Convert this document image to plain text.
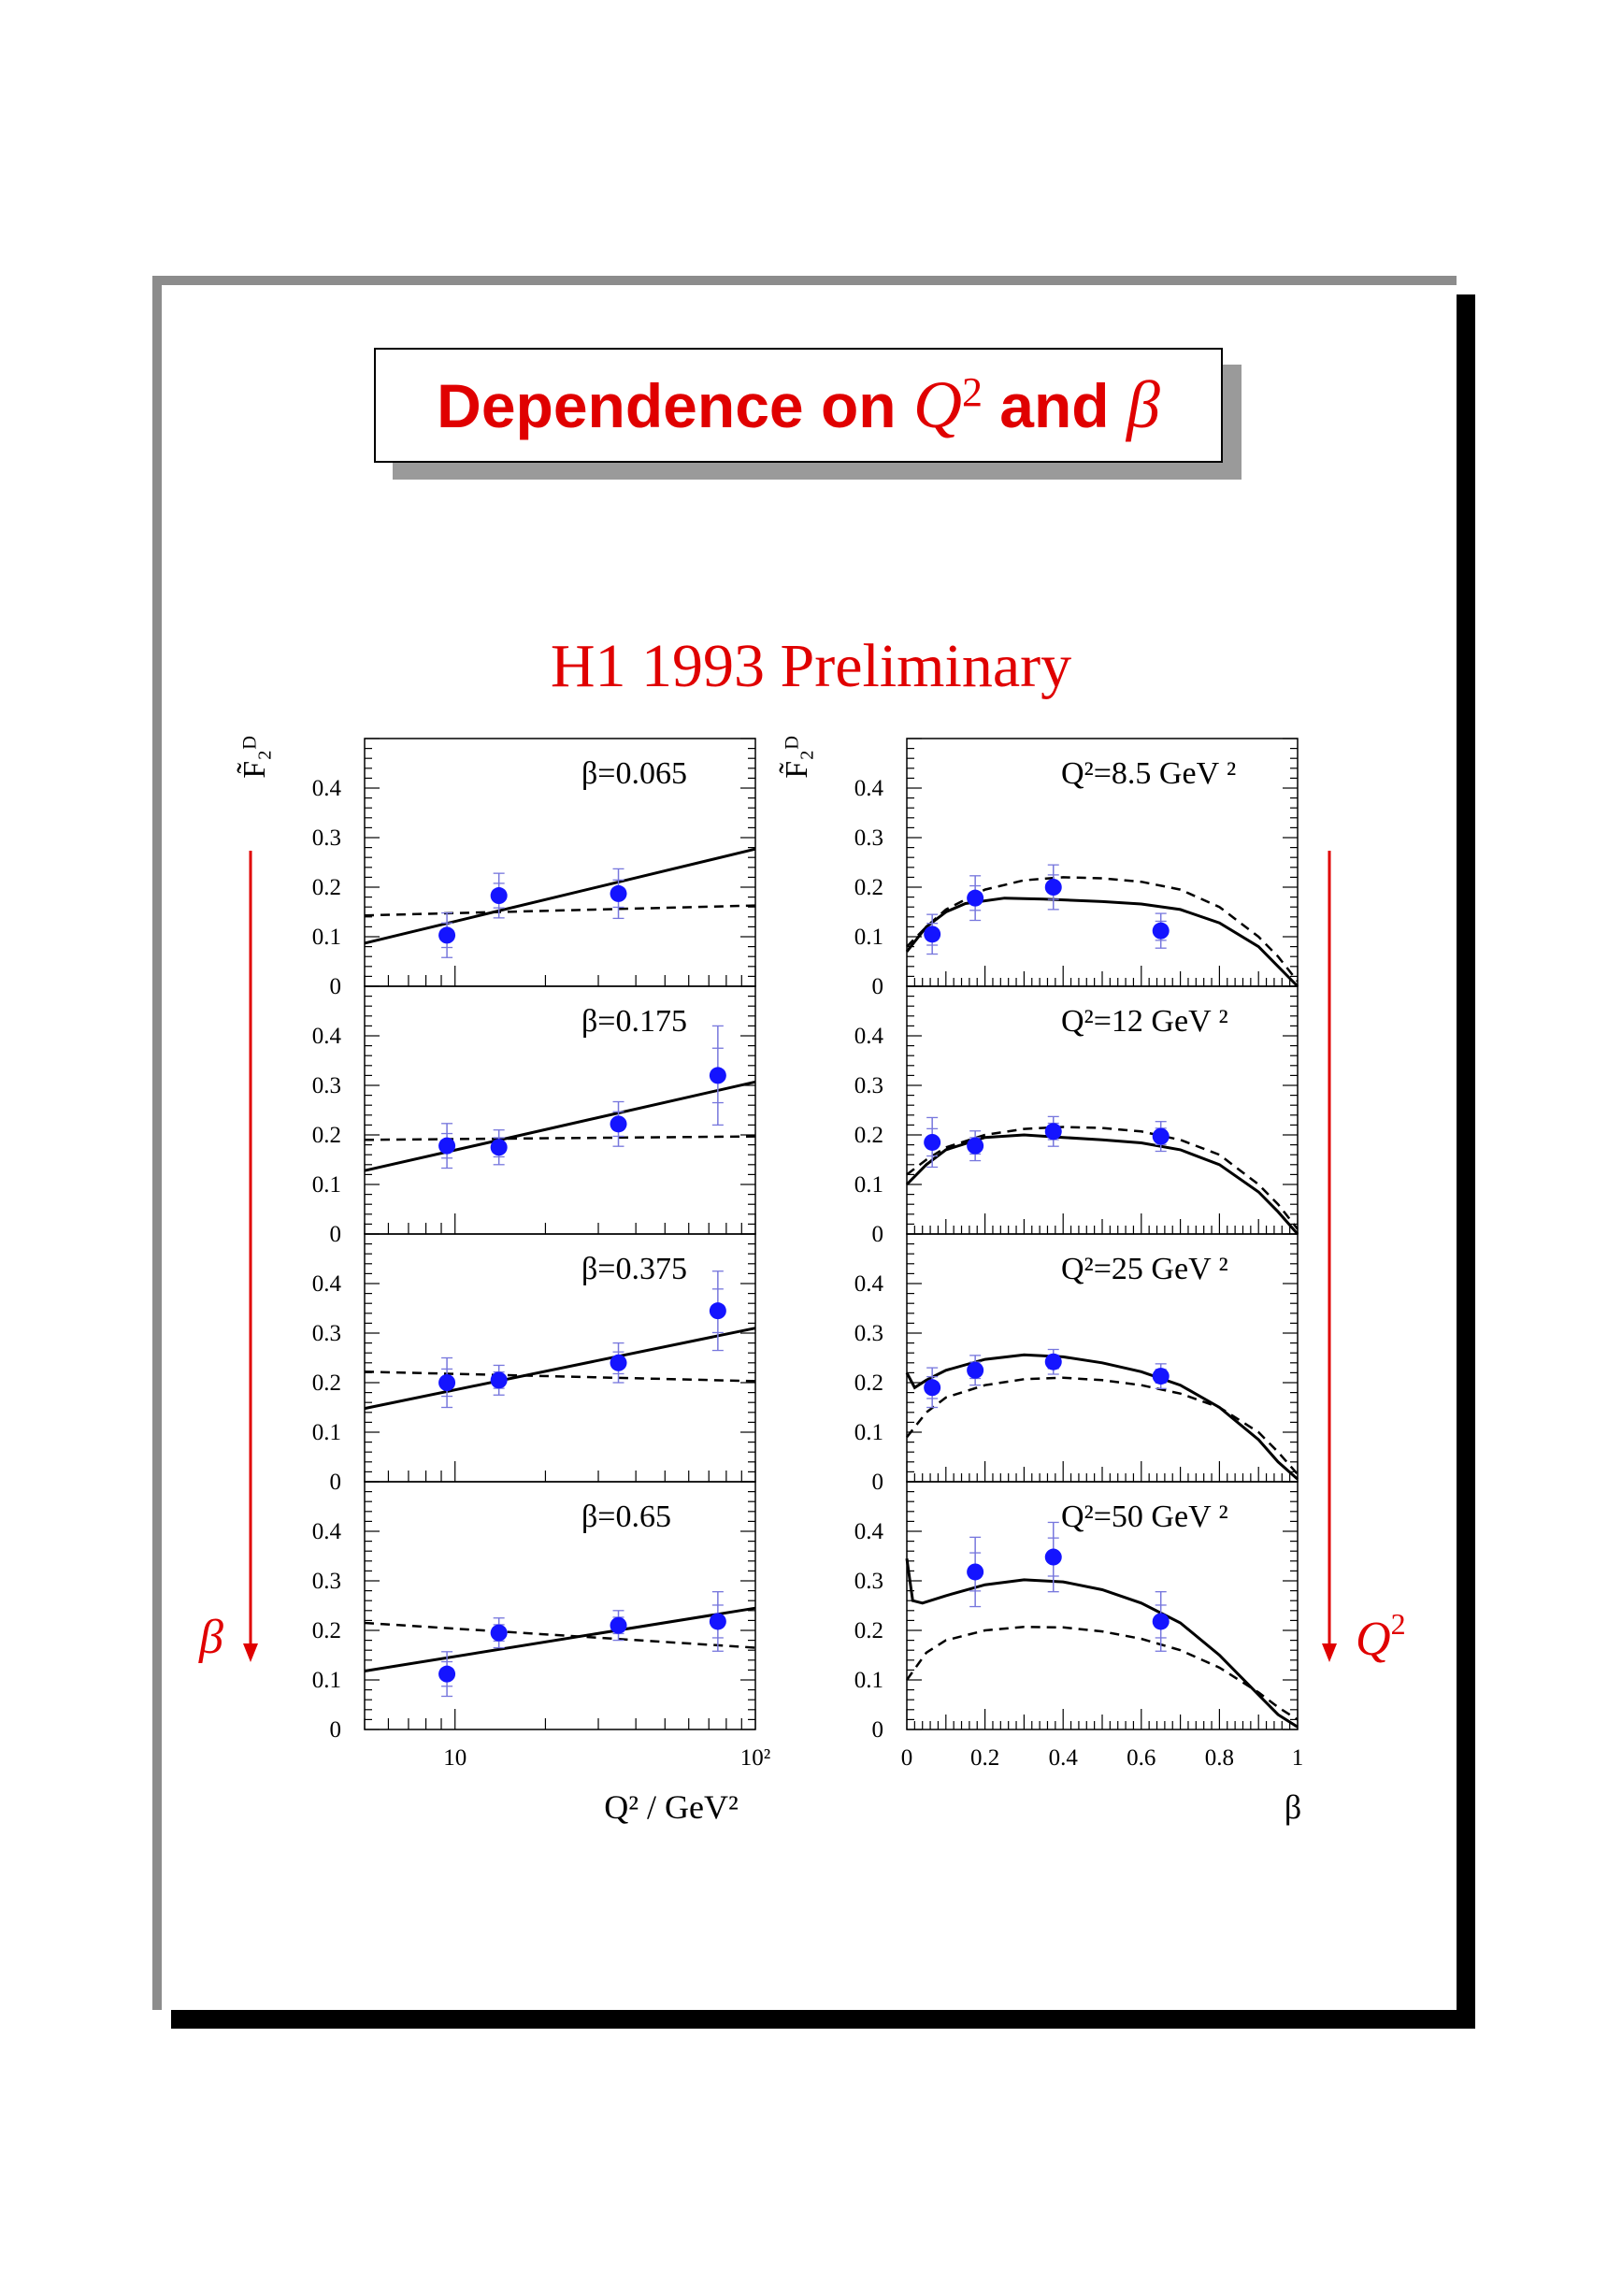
Dependence on $Q^2$ and β
H1 1993 Preliminary
0
0.1
0.2
0.3
0.4	β=0.065
0
0.1
0.2
0.3
0.4	β=0.175
0
0.1
0.2
0.3
0.4	β=0.375
0
0.1
0.2
0.3
0.4	β=0.65
10	10²
Q² / GeV²
F̃₂ᴰ
0
0.1
0.2
0.3
0.4	Q²=8.5 GeV ²
0
0.1
0.2
0.3
0.4	Q²=12 GeV ²
0
0.1
0.2
0.3
0.4	Q²=25 GeV ²
0
0.1
0.2
0.3
0.4	Q²=50 GeV ²
0 0.2 0.4 0.6 0.8 1
β
F̃₂ᴰ
β	$Q^2$
